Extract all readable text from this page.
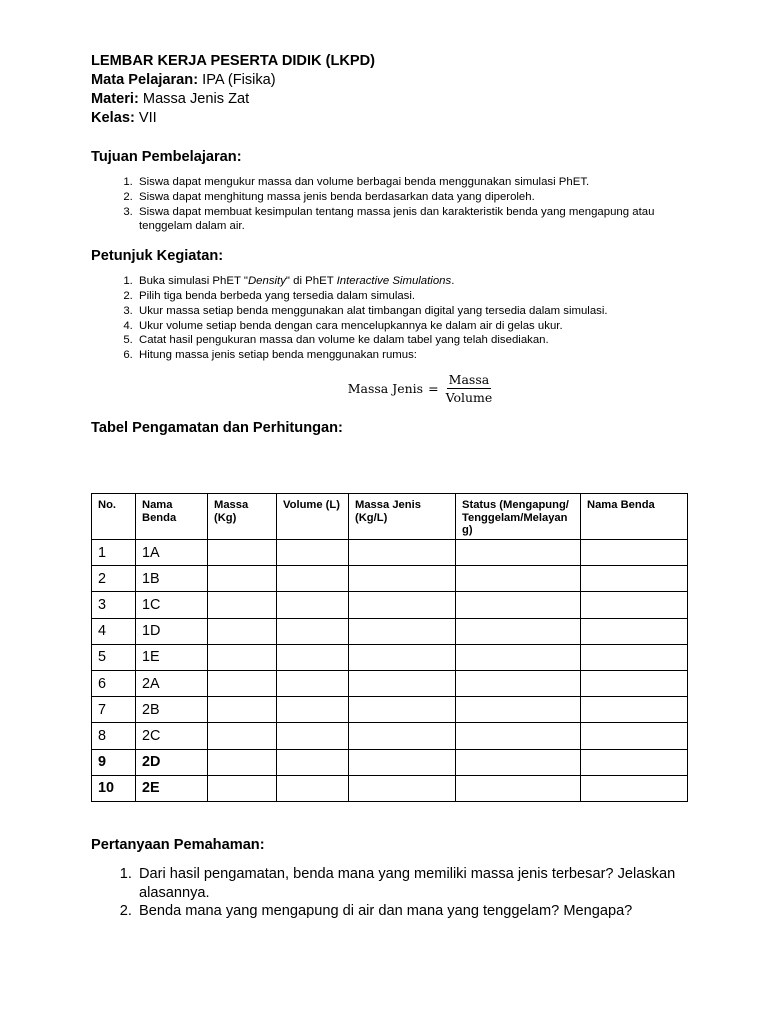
LEMBAR KERJA PESERTA DIDIK (LKPD)

Mata Pelajaran: IPA (Fisika)

Materi: Massa Jenis Zat

Kelas: VII

Tujuan Pembelajaran:
1. Siswa dapat mengukur massa dan volume berbagai benda menggunakan simulasi PhET.
2. Siswa dapat menghitung massa jenis benda berdasarkan data yang diperoleh.
3. Siswa dapat membuat kesimpulan tentang massa jenis dan karakteristik benda yang mengapung atau tenggelam dalam air.
Petunjuk Kegiatan:
1. Buka simulasi PhET "Density" di PhET Interactive Simulations.
2. Pilih tiga benda berbeda yang tersedia dalam simulasi.
3. Ukur massa setiap benda menggunakan alat timbangan digital yang tersedia dalam simulasi.
4. Ukur volume setiap benda dengan cara mencelupkannya ke dalam air di gelas ukur.
5. Catat hasil pengukuran massa dan volume ke dalam tabel yang telah disediakan.
6. Hitung massa jenis setiap benda menggunakan rumus:
Massa Jenis = $\frac{\text{Massa}}{\text{Volume}}$
Tabel Pengamatan dan Perhitungan:
No.	Nama Benda	Massa (Kg)	Volume (L)	Massa Jenis (Kg/L)	Status (Mengapung/Tenggelam/Melayang)	Nama Benda
1	1A					
2	1B					
3	1C					
4	1D					
5	1E					
6	2A					
7	2B					
8	2C					
9	2D					
10	2E					
Pertanyaan Pemahaman:
1. Dari hasil pengamatan, benda mana yang memiliki massa jenis terbesar? Jelaskan alasannya.
2. Benda mana yang mengapung di air dan mana yang tenggelam? Mengapa?
